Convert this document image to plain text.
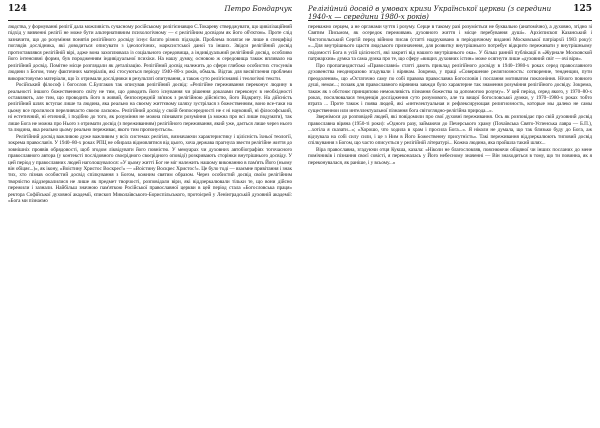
124	Петро Бондарчук

людства, у формуванні релігії дала можливість сучасному російському релігієзнавцю С.Токареву стверджувати, що цивілізаційний підхід у вивченні релігії не може бути альтернативним психологічному — є релігійним досвідом як його об'єктом». Проте слід зазначити, що до розуміння понятія релігійного досвіду існує багато різних підходів. Проблема полягає не лише в специфіці поглядів дослідника, які доводиться описувати з ідеологічних, марксистської даної та інших. Звідси релігійний досвід протиставлявся релігійній вірі, адже вона захоплювала із соціального середовища, а індивідуальний релігійний досвід, особливо його інтенсивні форми, був породженням індивідуальної психіки. На нашу думку, основою ж середовища також впливало на релігійний досвід. Помітне місце розглядали як деталізацію. Релігійний досвід належить до сфери глибоко особистих стосунків людини з Богом, тому фактичних матеріалів, які стосуються періоду 1940–80-х років, обмаль. Відтак для висвітлення проблеми використовуємо матеріали, що їх отримали дослідники в результаті опитування, а також суто релігієзнавчі і теологічні тексти.

Російський філософ і богослов С.Булгаков так описував релігійний досвід: «Релігійне переживання переконує людину в реальності іншого божественного світу не тим, що доводить його існування чи рішення доказами переконує в необхідності оставляють, але тим, що проводить його в живий, безпосередній зв'язок з релігійною дійсністю, його Відкриту. На дійсність релігійний шлях вступає лише та людина, яка реально на своєму життєвому шляху зустрілася з божественним, воно все-таки на цьому все пролилося переливчасто своєю ласкою». Релігійний досвід у своїй безпосередності не є ні науковий, ні філософський, ні естетичний, ні етичний, і подібно до того, як розуміння не можна пізнавати розуміння (а можна про всі лише подумати), так лише Бога не можна про Нього з отримати досвід (з переживанням) релігійного переживання, який уже, дається лише через нього та людина, яка реально цьому реально переживає, якого тим пропонується».

Релігійний досвід важливою дуже важливим у всіх системах релігіях, визначаючи характеристику і цілісність їхньої теології, зокрема православ'я. У 1940–80-х роках РПЦ не обирала відмовлятися від цього, хоча держава прагнула звести релігійне життя до зовнішніх проявів обрядовості, щоб згодом ліквідувати його повністю. У мемуарах чи духовних автобіографіях тогочасного православного автора (у контексті послідовного своєрідного своєрідного оповіді) розкривають сторінки внутрішнього досвіду. У цей період у православних людей наголошувалося: «У цьому житті Бог не міг належить нашому виконанню в пам'ять Його (ньому він обіцяє...)», як ікону, «Воістину Христос Воскрес!» — «Воістину Воскрес Христос!». Це було тоді — взаємне привітання і знак тих, хто пізнав особистий досвід спілкування з Богом, кожним святим образом. Через особистий досвід своїм релігійним творчістю віддзеркалилися не лише як предмет творчості, розповідали віри, які віддзеркалювали тільки те, що вони дійсно пережили і зазнали. Найбільш значною пам'яткою Російської православної церкви в цей період стала «Богословська праця» ректора Софійської духовної академії, єпископ Миколаївського-Бориспільського, протоієрей у Ленінградській духовній академії: «Бога ми пізнаємо

Релігійний досвід в умовах кризи Української церкви (з середини 1940-х — середини 1980-х років)
125

переважно серцем, а не органами чуття і розуму. Серце в такому разі розуміється не буквально (анатомічно), а духовно, згідно зі Святим Письмом, як осередок переживань духовного життя і місце перебування душі». Архієпископ Казанський і Чистопольський Сергій перед війною писав (статті надруковано в періодичному виданні Московської патріархії 1983 року): «...Для внутрішнього щастя людського призначення, для розвитку внутрішнього потребує відкрито переживати у внутрішньому свідомості Бога в усій цілісності, які закриті від нашого внутрішнього ока». У більш ранній публікації в «Журнале Московской патриархии» думка та сама думка про те, що сферу «вищих духовних істин» може осягнути лише «духовний світ — очі віри».

Про пропагандистські «Православні» статті дають приклад релігійного досвіду в 1940–1980-х роках серед православного духовенства неодноразово згадували і вірянам. Зокрема, у праці «Совершение религиозность: сотворение, тенденции, пути преодоления», що «Остаточно саму по собі правова православна Богословія і послання мотиватом поклоніння. Нічого повного душі, немає...; позаяк для православного вірянина завжди було характерне так знамення розуміння релігійного досвіду. Зокрема, також як з обстоює принципово неможливість пізнання божества за допомогою розуму». У цей період, серед якого, у 1970–80-х роках, посилювалася тенденція дослідження суто розумового, але та вищої богословської думки, у 1970–1980-х роках тобто втрата ... Проте також і поява людей, які «интелектуальная и рефлексирующая религиозность, которые мы далеко не самы существеннои или интеллектуальної пізнання бога світоглядно-релігійна природа...».

Звернімося до розповідей людей, які повідомили про свої духовні переживання. Ось як розповідає про свій духовний досвід православна віряна (1950-ті роки): «Одного разу, займаючи до Печерського храму (Почаївська Свято-Успенська лавра — Б.П.), ...хотіла я сказати...»; «Хорошо, что ходила в храм і просила Бога...». Я ніколи не думала, що так близько буду до Бога, аж відчувала на собі силу сили, і це з Ним в Його Божественну присутність». Такі переживання віддзеркалюють типовий досвід спілкування з Богом, що часто описується у релігійній літературі... Кожна людина, яка пройшла такий шлях...

Віра православна, згадуючи отця Кукша, казала: «Ніколи не благословляв, пояснюючи обіцяної чи інших посланих до мене помічників і пізнання своєї совісті, я переконалась у Його небесному значенні — Він знаходиться в тому, що ти повинна, як я переконувалася, як раніше, і у всьому...»
